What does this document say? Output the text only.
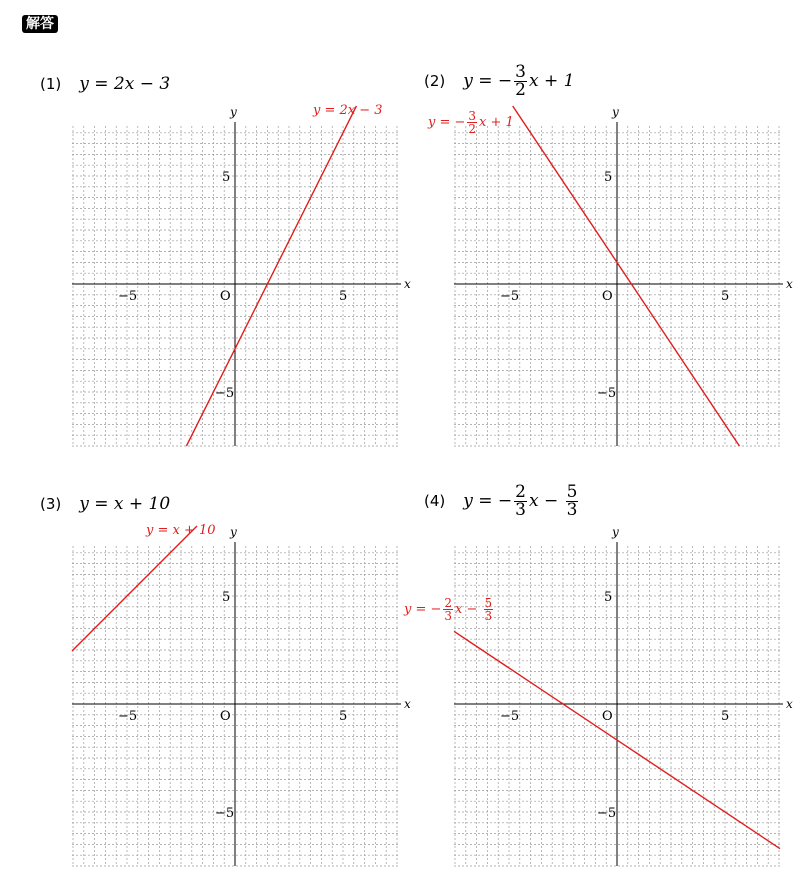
解答
(1) y = 2x − 3	(2) y = − $\frac{3}{2}$ x + 1
(3) y = x + 10	(4) y = − $\frac{2}{3}$ $x - \frac{5}{3}$
x
y
O
−5	5
5
−5
x
y
O
−5	5
5
−5
x
y
O
−5	5
5
−5
x
y
O
−5	5
5
−5
y = 2x − 3
y = − $\frac{3}{2}$ x + 1
y = x + 10
y = − $\frac{2}{3}$ $x - \frac{5}{3}$
